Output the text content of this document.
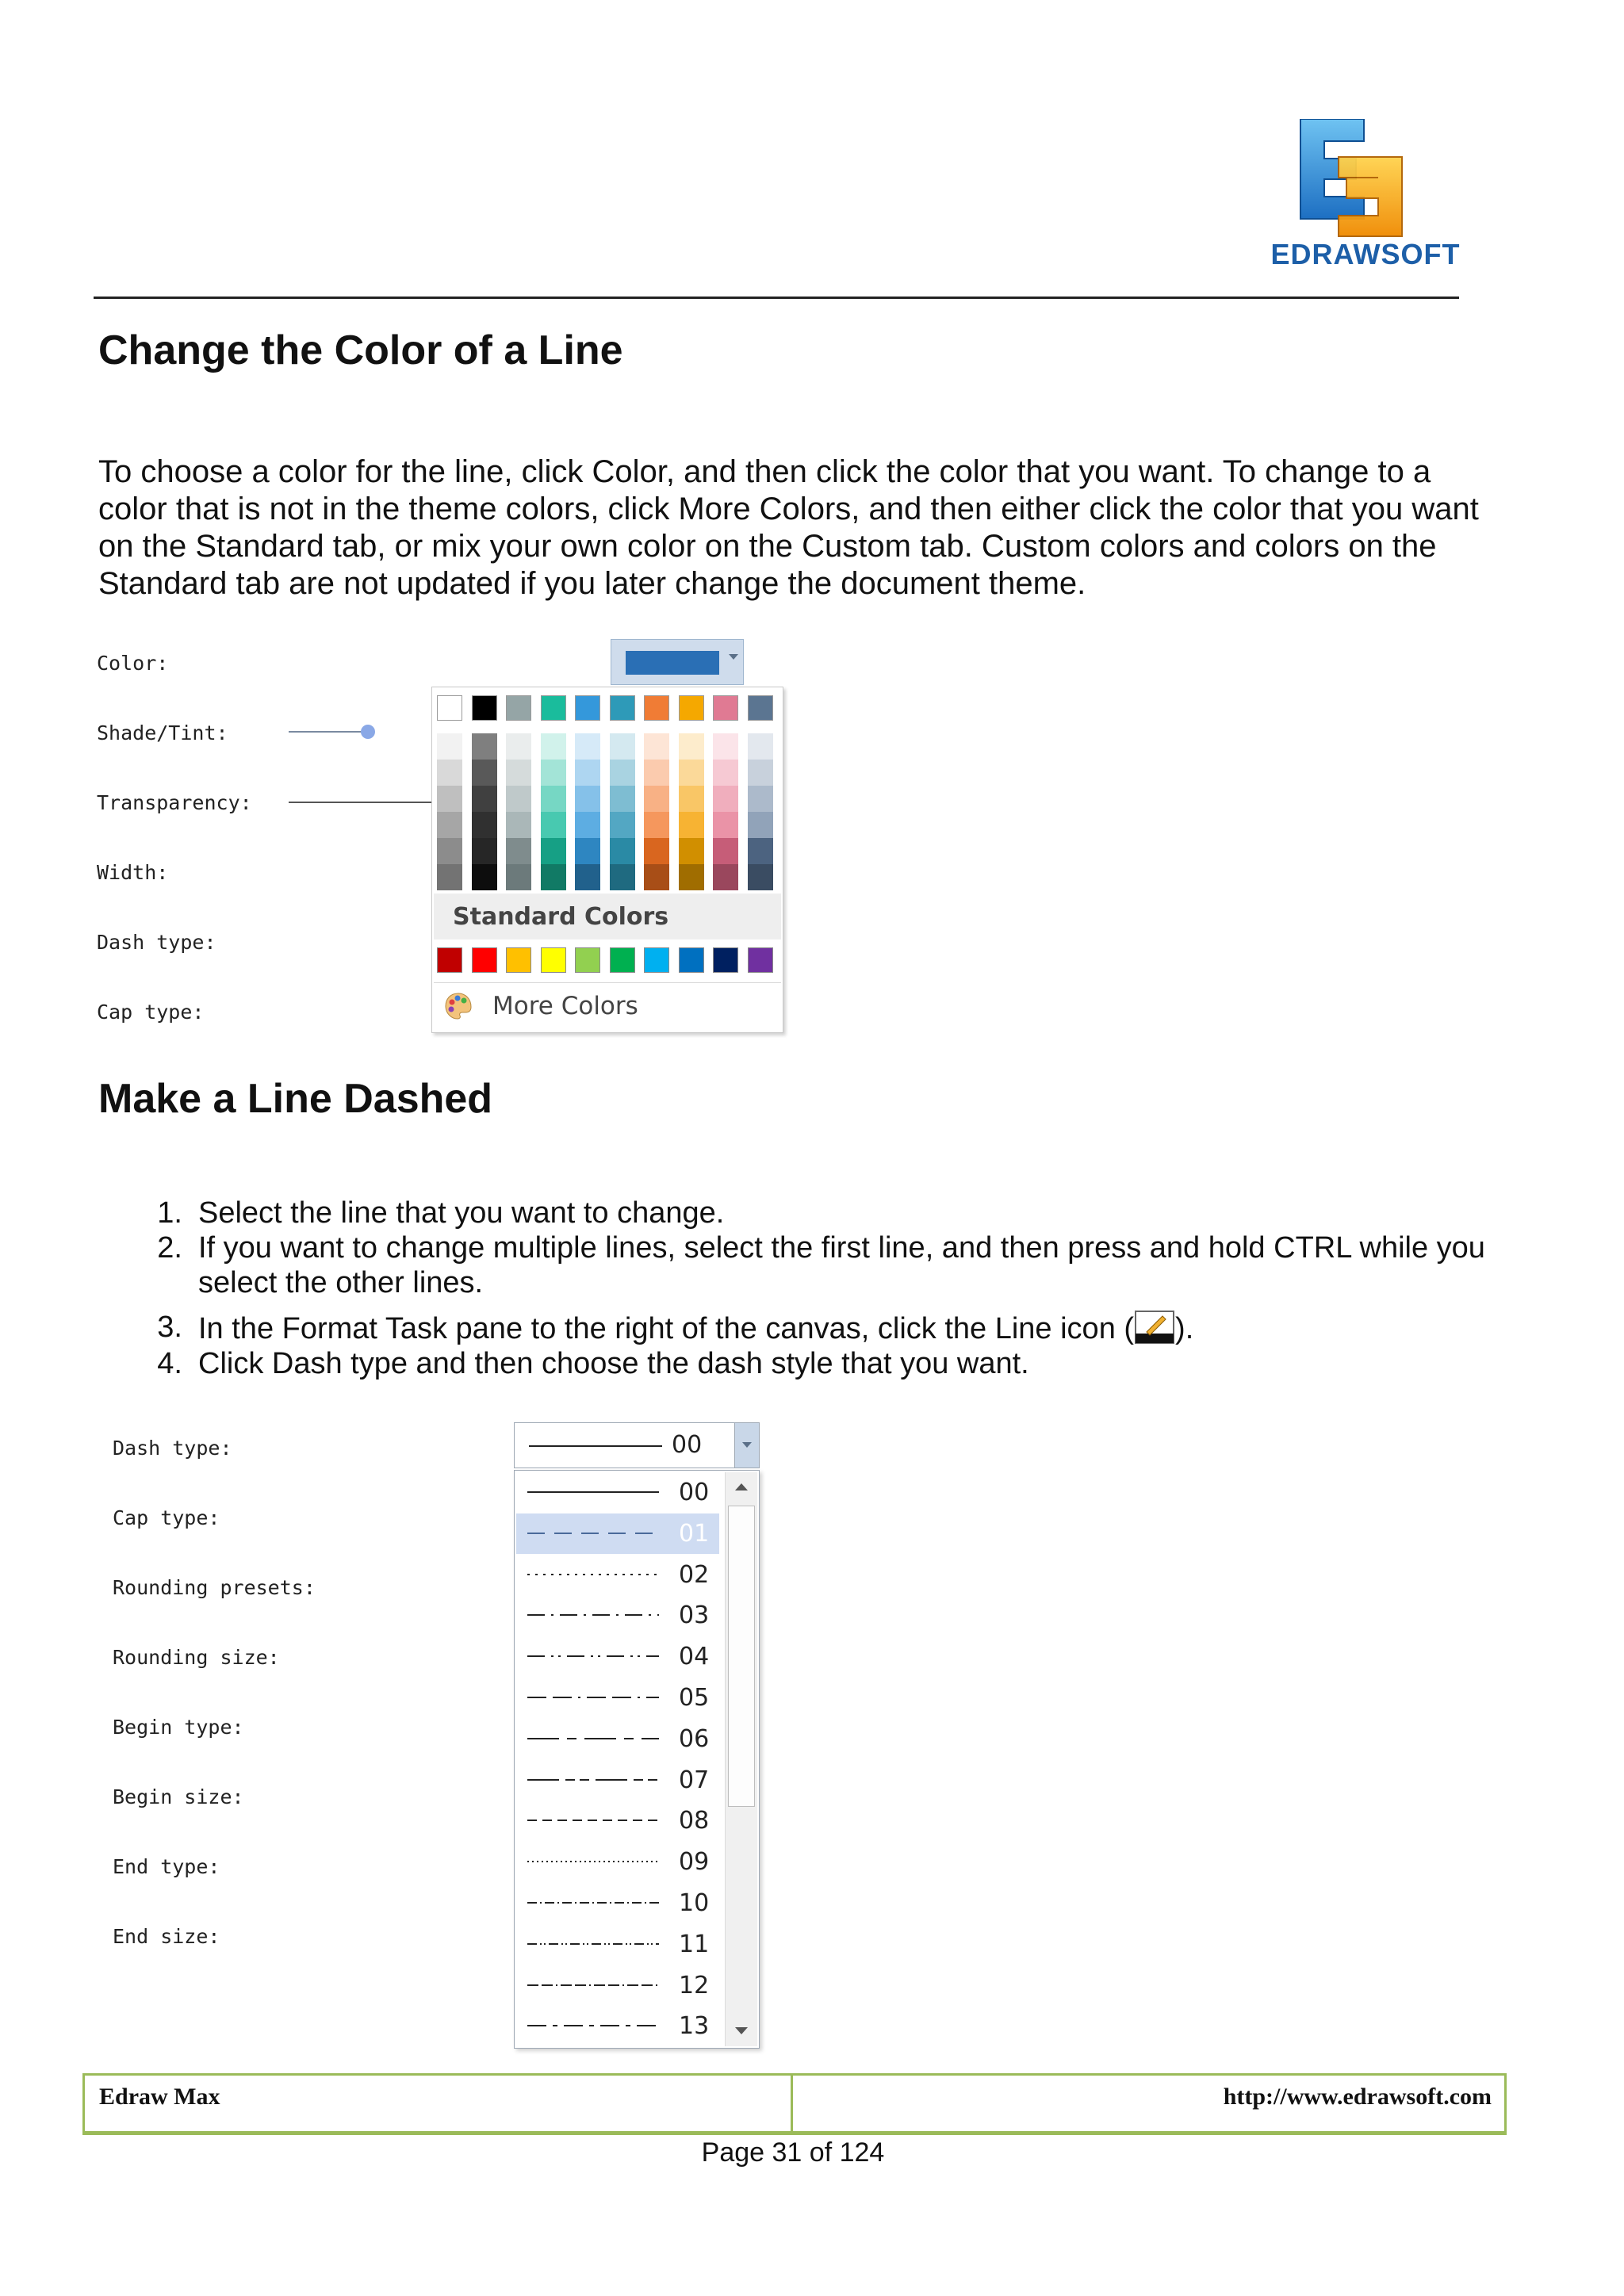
EDRAWSOFT
Change the Color of a Line
To choose a color for the line, click Color, and then click the color that you want. To change to a color that is not in the theme colors, click More Colors, and then either click the color that you want on the Standard tab, or mix your own color on the Custom tab. Custom colors and colors on the Standard tab are not updated if you later change the document theme.
Color:
Shade/Tint:
Transparency:
Width:
Dash type:
Cap type:
Standard Colors
More Colors
Make a Line Dashed
1. Select the line that you want to change.
2. If you want to change multiple lines, select the first line, and then press and hold CTRL while you select the other lines.
3. In the Format Task pane to the right of the canvas, click the Line icon ( ).
4. Click Dash type and then choose the dash style that you want.
Dash type:
Cap type:
Rounding presets:
Rounding size:
Begin type:
Begin size:
End type:
End size:
00
00
01
02
03
04
05
06
07
08
09
10
11
12
13
Edraw Max	http://www.edrawsoft.com
Page 31 of 124
